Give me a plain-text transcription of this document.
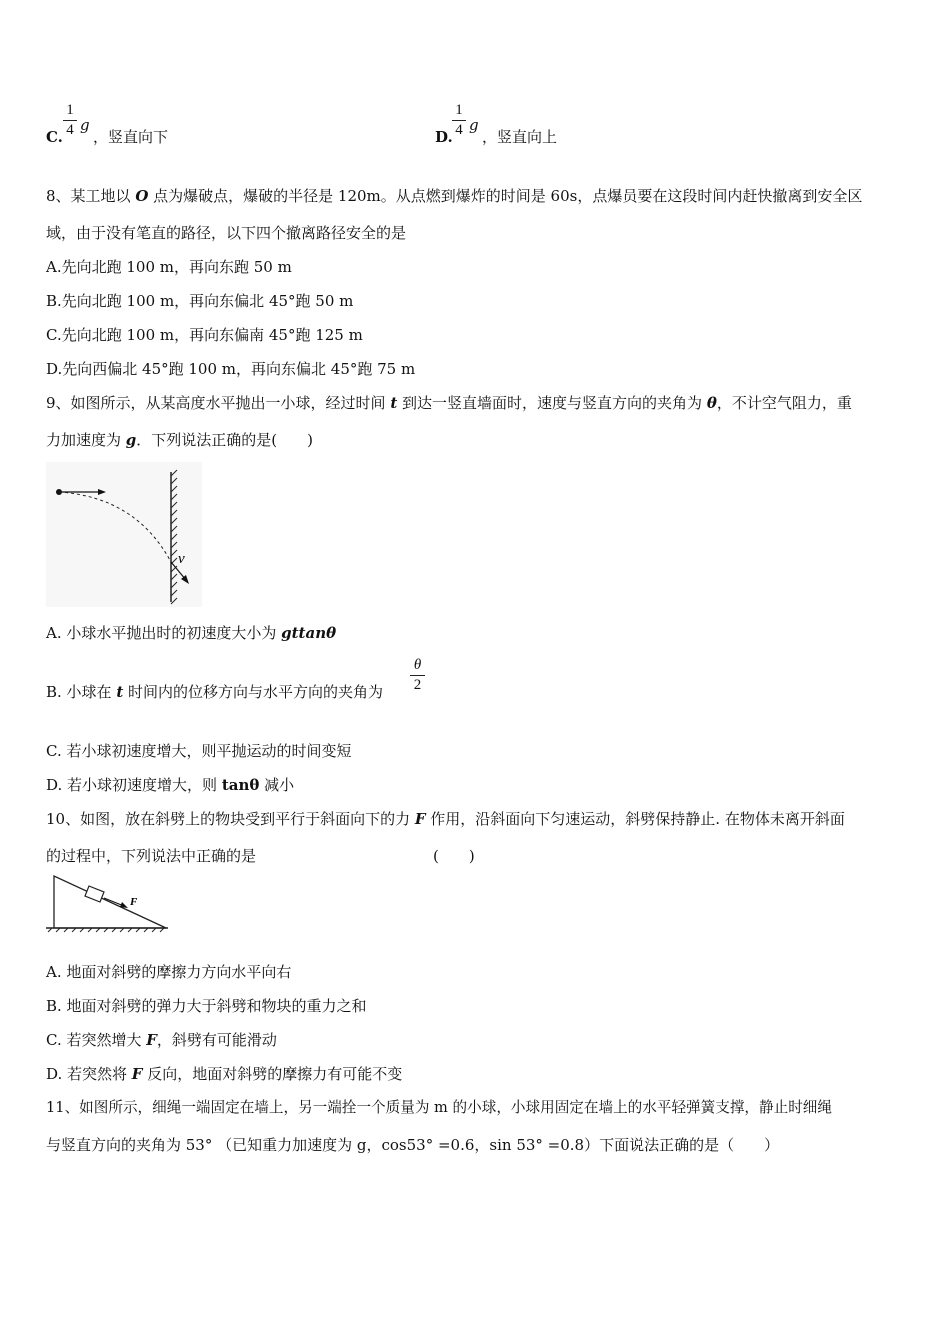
C.
1
4 g
，竖直向下	D.
1
4 g
，竖直向上
8、某工地以 O 点为爆破点，爆破的半径是 120m。从点燃到爆炸的时间是 60s，点爆员要在这段时间内赶快撤离到安全区
域，由于没有笔直的路径，以下四个撤离路径安全的是
A.先向北跑 100 m，再向东跑 50 m
B.先向北跑 100 m，再向东偏北 45°跑 50 m
C.先向北跑 100 m，再向东偏南 45°跑 125 m
D.先向西偏北 45°跑 100 m，再向东偏北 45°跑 75 m
9、如图所示，从某高度水平抛出一小球，经过时间 t 到达一竖直墙面时，速度与竖直方向的夹角为 θ，不计空气阻力，重
力加速度为 g．下列说法正确的是(　　)
v
A. 小球水平抛出时的初速度大小为 gttanθ
B. 小球在 t 时间内的位移方向与水平方向的夹角为
θ
2
C. 若小球初速度增大，则平抛运动的时间变短
D. 若小球初速度增大，则 tanθ 减小
10、如图，放在斜劈上的物块受到平行于斜面向下的力 F 作用，沿斜面向下匀速运动，斜劈保持静止. 在物体未离开斜面
的过程中，下列说法中正确的是	(　　)
F
A. 地面对斜劈的摩擦力方向水平向右
B. 地面对斜劈的弹力大于斜劈和物块的重力之和
C. 若突然增大 F，斜劈有可能滑动
D. 若突然将 F 反向，地面对斜劈的摩擦力有可能不变
11、如图所示，细绳一端固定在墙上，另一端拴一个质量为 m 的小球，小球用固定在墙上的水平轻弹簧支撑，静止时细绳
与竖直方向的夹角为 53° （已知重力加速度为 g，cos53° =0.6，sin 53° =0.8）下面说法正确的是（　　）
